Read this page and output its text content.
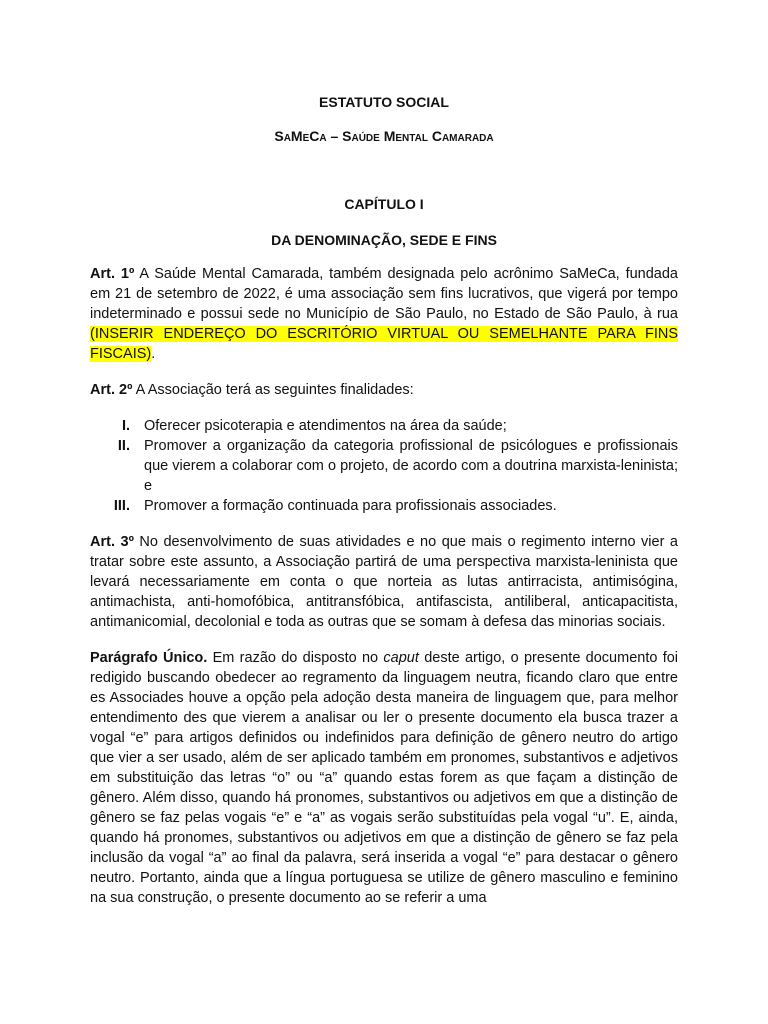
ESTATUTO SOCIAL
SaMeCa – Saúde Mental Camarada
CAPÍTULO I
DA DENOMINAÇÃO, SEDE E FINS

Art. 1º A Saúde Mental Camarada, também designada pelo acrônimo SaMeCa, fundada em 21 de setembro de 2022, é uma associação sem fins lucrativos, que vigerá por tempo indeterminado e possui sede no Município de São Paulo, no Estado de São Paulo, à rua (INSERIR ENDEREÇO DO ESCRITÓRIO VIRTUAL OU SEMELHANTE PARA FINS FISCAIS).

Art. 2º A Associação terá as seguintes finalidades:

I. Oferecer psicoterapia e atendimentos na área da saúde;
II. Promover a organização da categoria profissional de psicólogues e profissionais que vierem a colaborar com o projeto, de acordo com a doutrina marxista-leninista; e
III. Promover a formação continuada para profissionais associades.

Art. 3º No desenvolvimento de suas atividades e no que mais o regimento interno vier a tratar sobre este assunto, a Associação partirá de uma perspectiva marxista-leninista que levará necessariamente em conta o que norteia as lutas antirracista, antimisógina, antimachista, anti-homofóbica, antitransfóbica, antifascista, antiliberal, anticapacitista, antimanicomial, decolonial e toda as outras que se somam à defesa das minorias sociais.

Parágrafo Único. Em razão do disposto no caput deste artigo, o presente documento foi redigido buscando obedecer ao regramento da linguagem neutra, ficando claro que entre es Associades houve a opção pela adoção desta maneira de linguagem que, para melhor entendimento des que vierem a analisar ou ler o presente documento ela busca trazer a vogal “e” para artigos definidos ou indefinidos para definição de gênero neutro do artigo que vier a ser usado, além de ser aplicado também em pronomes, substantivos e adjetivos em substituição das letras “o” ou “a” quando estas forem as que façam a distinção de gênero. Além disso, quando há pronomes, substantivos ou adjetivos em que a distinção de gênero se faz pelas vogais “e” e “a” as vogais serão substituídas pela vogal “u”. E, ainda, quando há pronomes, substantivos ou adjetivos em que a distinção de gênero se faz pela inclusão da vogal “a” ao final da palavra, será inserida a vogal “e” para destacar o gênero neutro. Portanto, ainda que a língua portuguesa se utilize de gênero masculino e feminino na sua construção, o presente documento ao se referir a uma
